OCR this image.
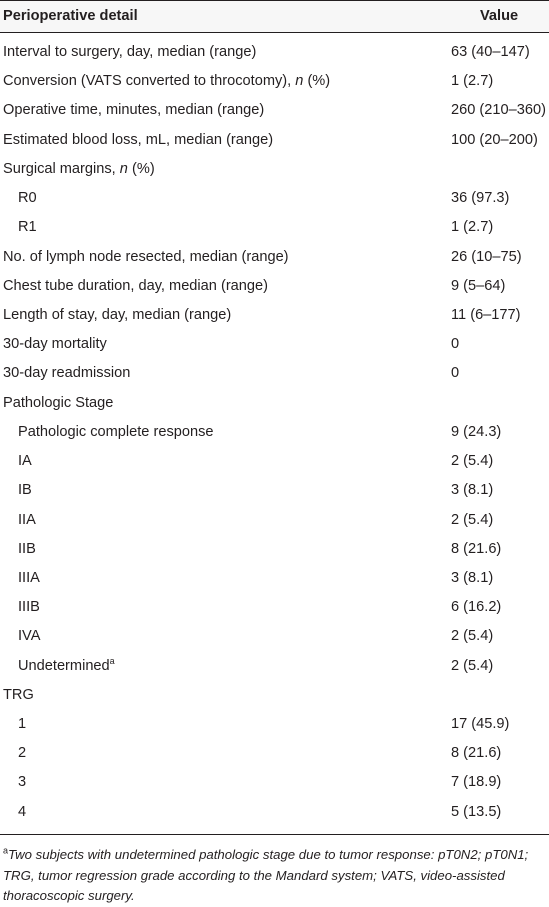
Perioperative detail	Value
Interval to surgery, day, median (range)	63 (40–147)
Conversion (VATS converted to throcotomy), n (%)	1 (2.7)
Operative time, minutes, median (range)	260 (210–360)
Estimated blood loss, mL, median (range)	100 (20–200)
Surgical margins, n (%)
R0	36 (97.3)
R1	1 (2.7)
No. of lymph node resected, median (range)	26 (10–75)
Chest tube duration, day, median (range)	9 (5–64)
Length of stay, day, median (range)	11 (6–177)
30-day mortality	0
30-day readmission	0
Pathologic Stage
Pathologic complete response	9 (24.3)
IA	2 (5.4)
IB	3 (8.1)
IIA	2 (5.4)
IIB	8 (21.6)
IIIA	3 (8.1)
IIIB	6 (16.2)
IVA	2 (5.4)
Undetermined$^a$	2 (5.4)
TRG
1	17 (45.9)
2	8 (21.6)
3	7 (18.9)
4	5 (13.5)
$^a$Two subjects with undetermined pathologic stage due to tumor response: pT0N2; pT0N1; TRG, tumor regression grade according to the Mandard system; VATS, video-assisted thoracoscopic surgery.
